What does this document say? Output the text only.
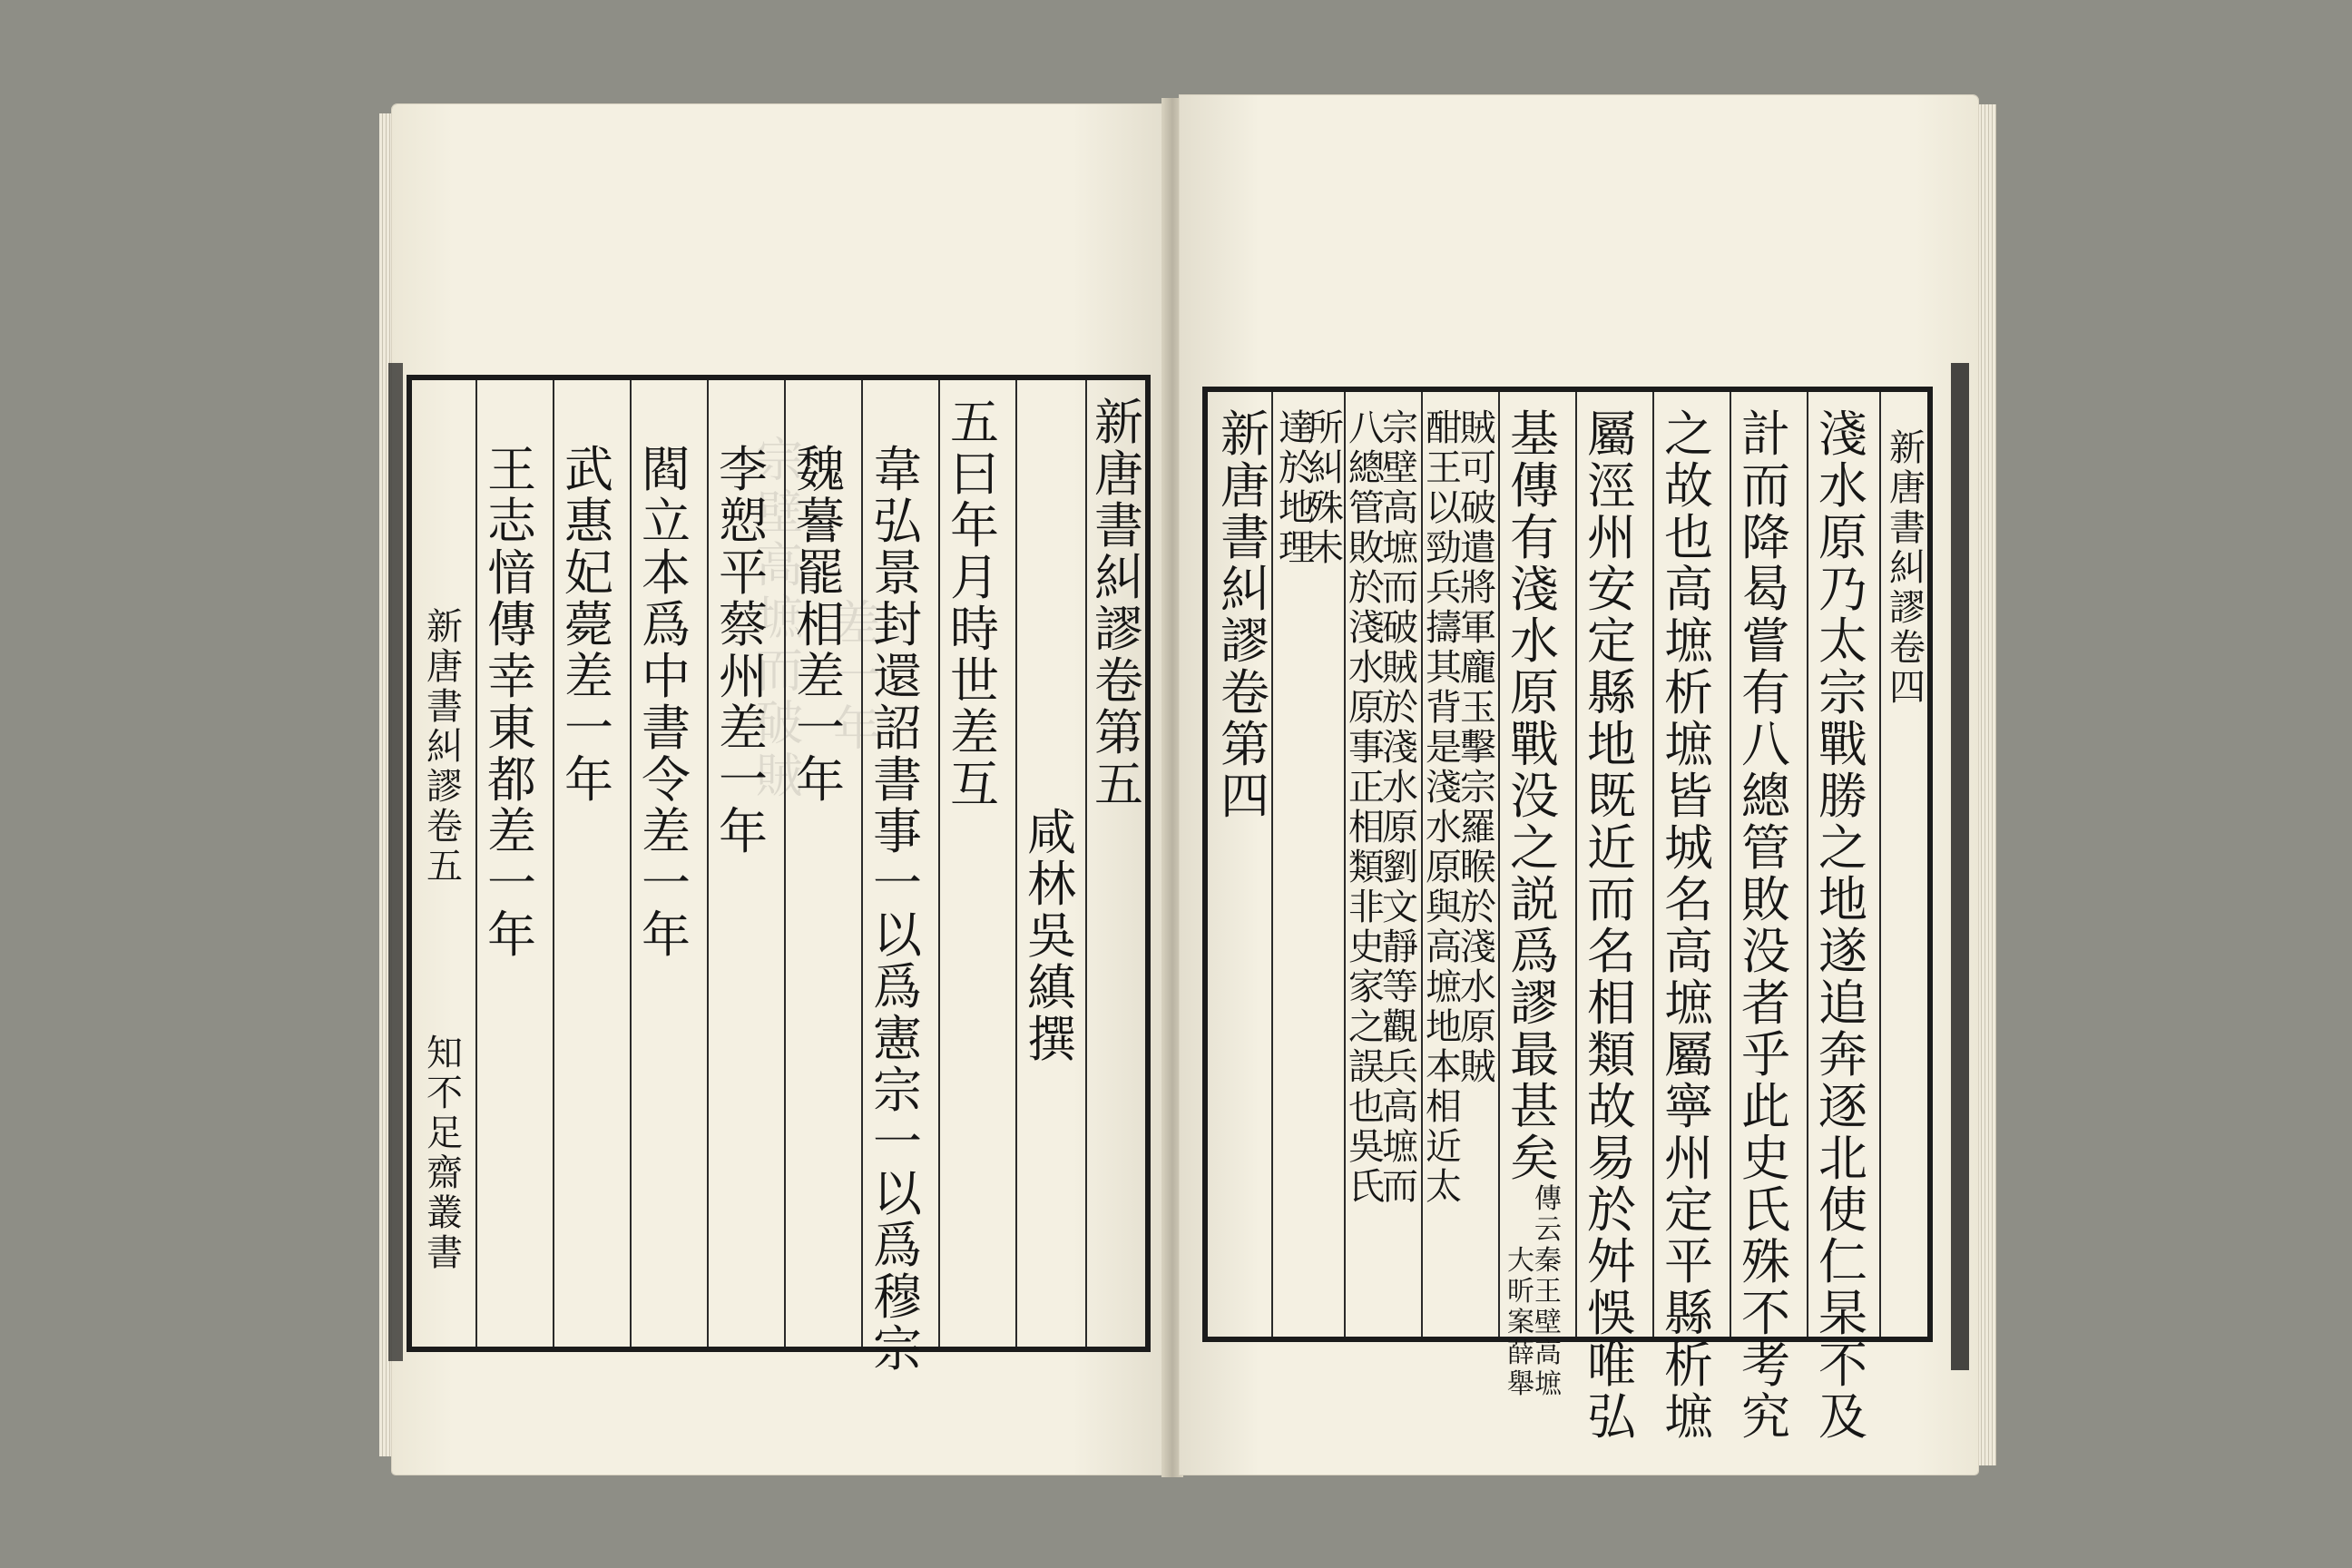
宗壁高墌而破賊
差一年
新唐書糾謬卷第五
咸林 吳 縝 撰
五曰年月時世差互
韋弘景封還詔書事一以爲憲宗一以爲穆宗
魏謩罷相差一年
李愬平蔡州差一年
閻立本爲中書令差一年
武惠妃薨差一年
王志愔傳幸東都差一年
新唐書糾謬卷五
知不足齋叢書
新唐書糾謬卷第四
達於地理
所糾殊未
八總管敗於淺水原事正相類非史家之誤也吳氏
宗壁高墌而破賊於淺水原劉文靜等觀兵高墌而
酣王以勁兵擣其背是淺水原與高墌地本相近太
賊可破遣將軍龐玉擊宗羅睺於淺水原賊
淺水原乃太宗戰勝之地遂追奔逐北使仁杲不及
計而降曷嘗有八總管敗没者乎此史氏殊不考究
之故也高墌析墌皆城名高墌屬寧州定平縣析墌
屬涇州安定縣地既近而名相類故易於舛悞唯弘
基傳有淺水原戰没之説爲謬最甚矣大昕案薛舉傳云秦王壁高墌
新唐書糾謬卷四
